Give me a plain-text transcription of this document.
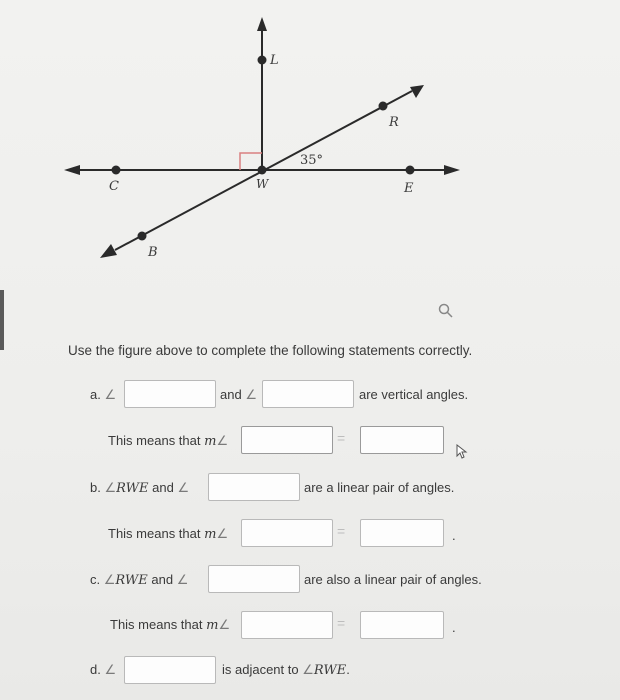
L
W
C	E
R
B
35°
Use the figure above to complete the following statements correctly.
a. ∠	and ∠	are vertical angles.
This means that m∠	=
b. ∠RWE and ∠	are a linear pair of angles.
This means that m∠	=	.
c. ∠RWE and ∠	are also a linear pair of angles.
This means that m∠	=	.
d. ∠	is adjacent to ∠RWE.
